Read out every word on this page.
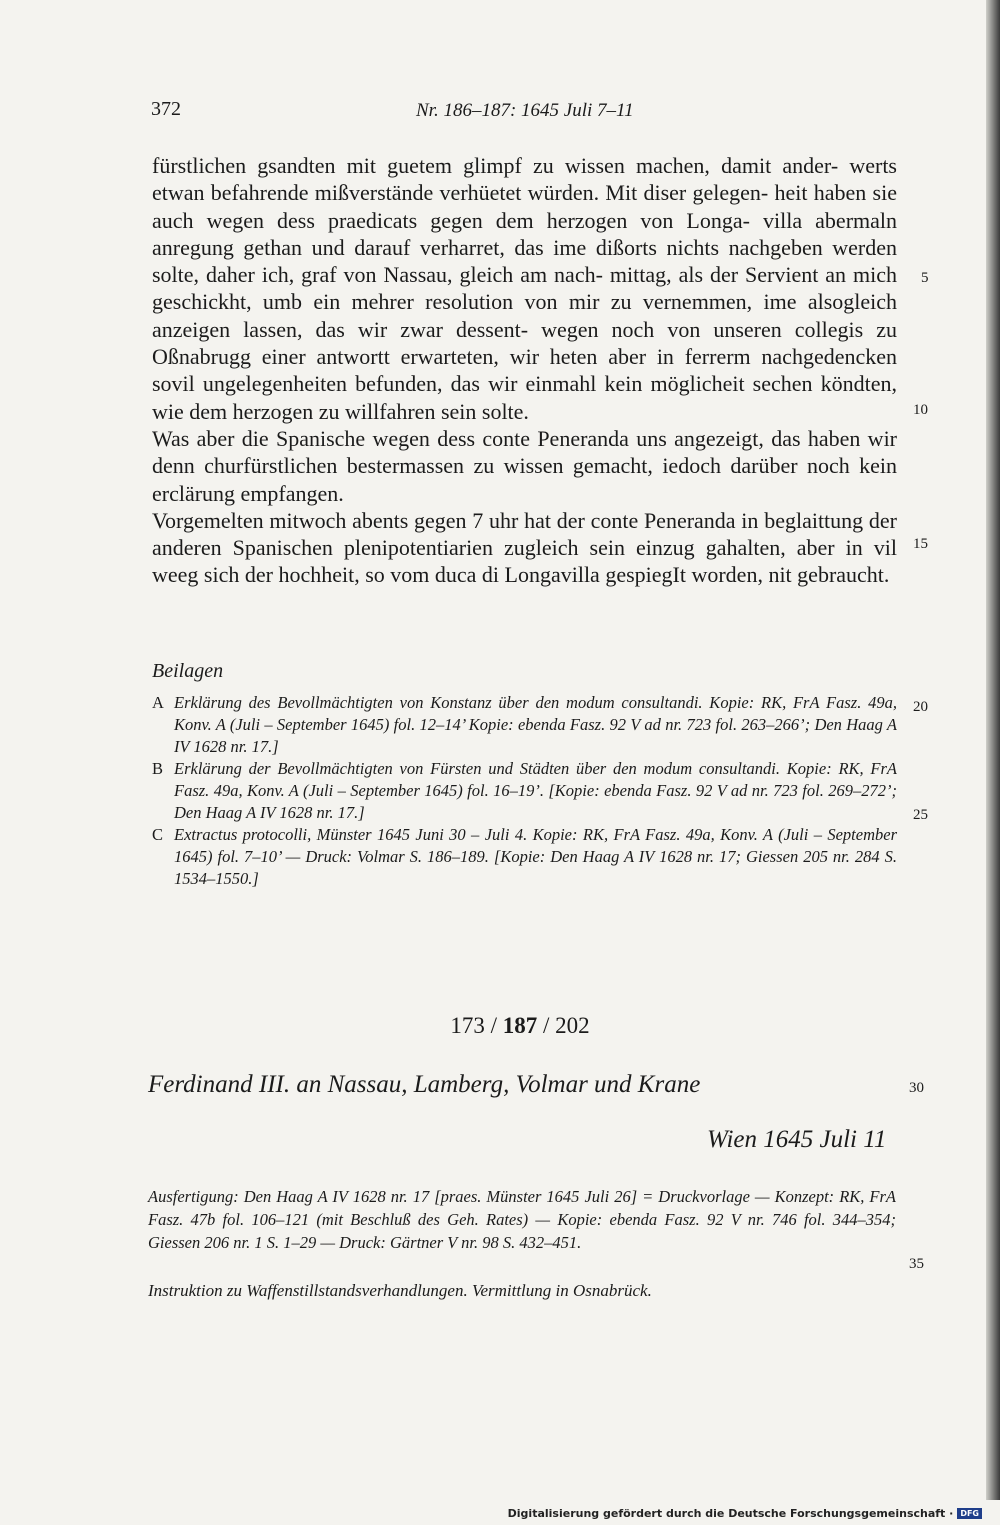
372	Nr. 186–187: 1645 Juli 7–11

fürstlichen gsandten mit guetem glimpf zu wissen machen, damit ander- werts etwan befahrende mißverstände verhüetet würden. Mit diser gelegen- heit haben sie auch wegen dess praedicats gegen dem herzogen von Longa- villa abermaln anregung gethan und darauf verharret, das ime dißorts nichts nachgeben werden solte, daher ich, graf von Nassau, gleich am nach- mittag, als der Servient an mich geschickht, umb ein mehrer resolution von mir zu vernemmen, ime alsogleich anzeigen lassen, das wir zwar dessent- wegen noch von unseren collegis zu Oßnabrugg einer antwortt erwarteten, wir heten aber in ferrerm nachgedencken sovil ungelegenheiten befunden, das wir einmahl kein möglicheit sechen köndten, wie dem herzogen zu willfahren sein solte.

Was aber die Spanische wegen dess conte Peneranda uns angezeigt, das haben wir denn churfürstlichen bestermassen zu wissen gemacht, iedoch darüber noch kein erclärung empfangen.

Vorgemelten mitwoch abents gegen 7 uhr hat der conte Peneranda in beglaittung der anderen Spanischen plenipotentiarien zugleich sein einzug gahalten, aber in vil weeg sich der hochheit, so vom duca di Longavilla gespiegIt worden, nit gebraucht.

5
10
15
20
25
30
35
Beilagen
A Erklärung des Bevollmächtigten von Konstanz über den modum consultandi. Kopie: RK, FrA Fasz. 49a, Konv. A (Juli – September 1645) fol. 12–14’ Kopie: ebenda Fasz. 92 V ad nr. 723 fol. 263–266’; Den Haag A IV 1628 nr. 17.]
B Erklärung der Bevollmächtigten von Fürsten und Städten über den modum consultandi. Kopie: RK, FrA Fasz. 49a, Konv. A (Juli – September 1645) fol. 16–19’. [Kopie: ebenda Fasz. 92 V ad nr. 723 fol. 269–272’; Den Haag A IV 1628 nr. 17.]
C Extractus protocolli, Münster 1645 Juni 30 – Juli 4. Kopie: RK, FrA Fasz. 49a, Konv. A (Juli – September 1645) fol. 7–10’ — Druck: Volmar S. 186–189. [Kopie: Den Haag A IV 1628 nr. 17; Giessen 205 nr. 284 S. 1534–1550.]
173 / 187 / 202
Ferdinand III. an Nassau, Lamberg, Volmar und Krane
Wien 1645 Juli 11
Ausfertigung: Den Haag A IV 1628 nr. 17 [praes. Münster 1645 Juli 26] = Druckvorlage — Konzept: RK, FrA Fasz. 47b fol. 106–121 (mit Beschluß des Geh. Rates) — Kopie: ebenda Fasz. 92 V nr. 746 fol. 344–354; Giessen 206 nr. 1 S. 1–29 — Druck: Gärtner V nr. 98 S. 432–451.
Instruktion zu Waffenstillstandsverhandlungen. Vermittlung in Osnabrück.
Digitalisierung gefördert durch die Deutsche Forschungsgemeinschaft · DFG
